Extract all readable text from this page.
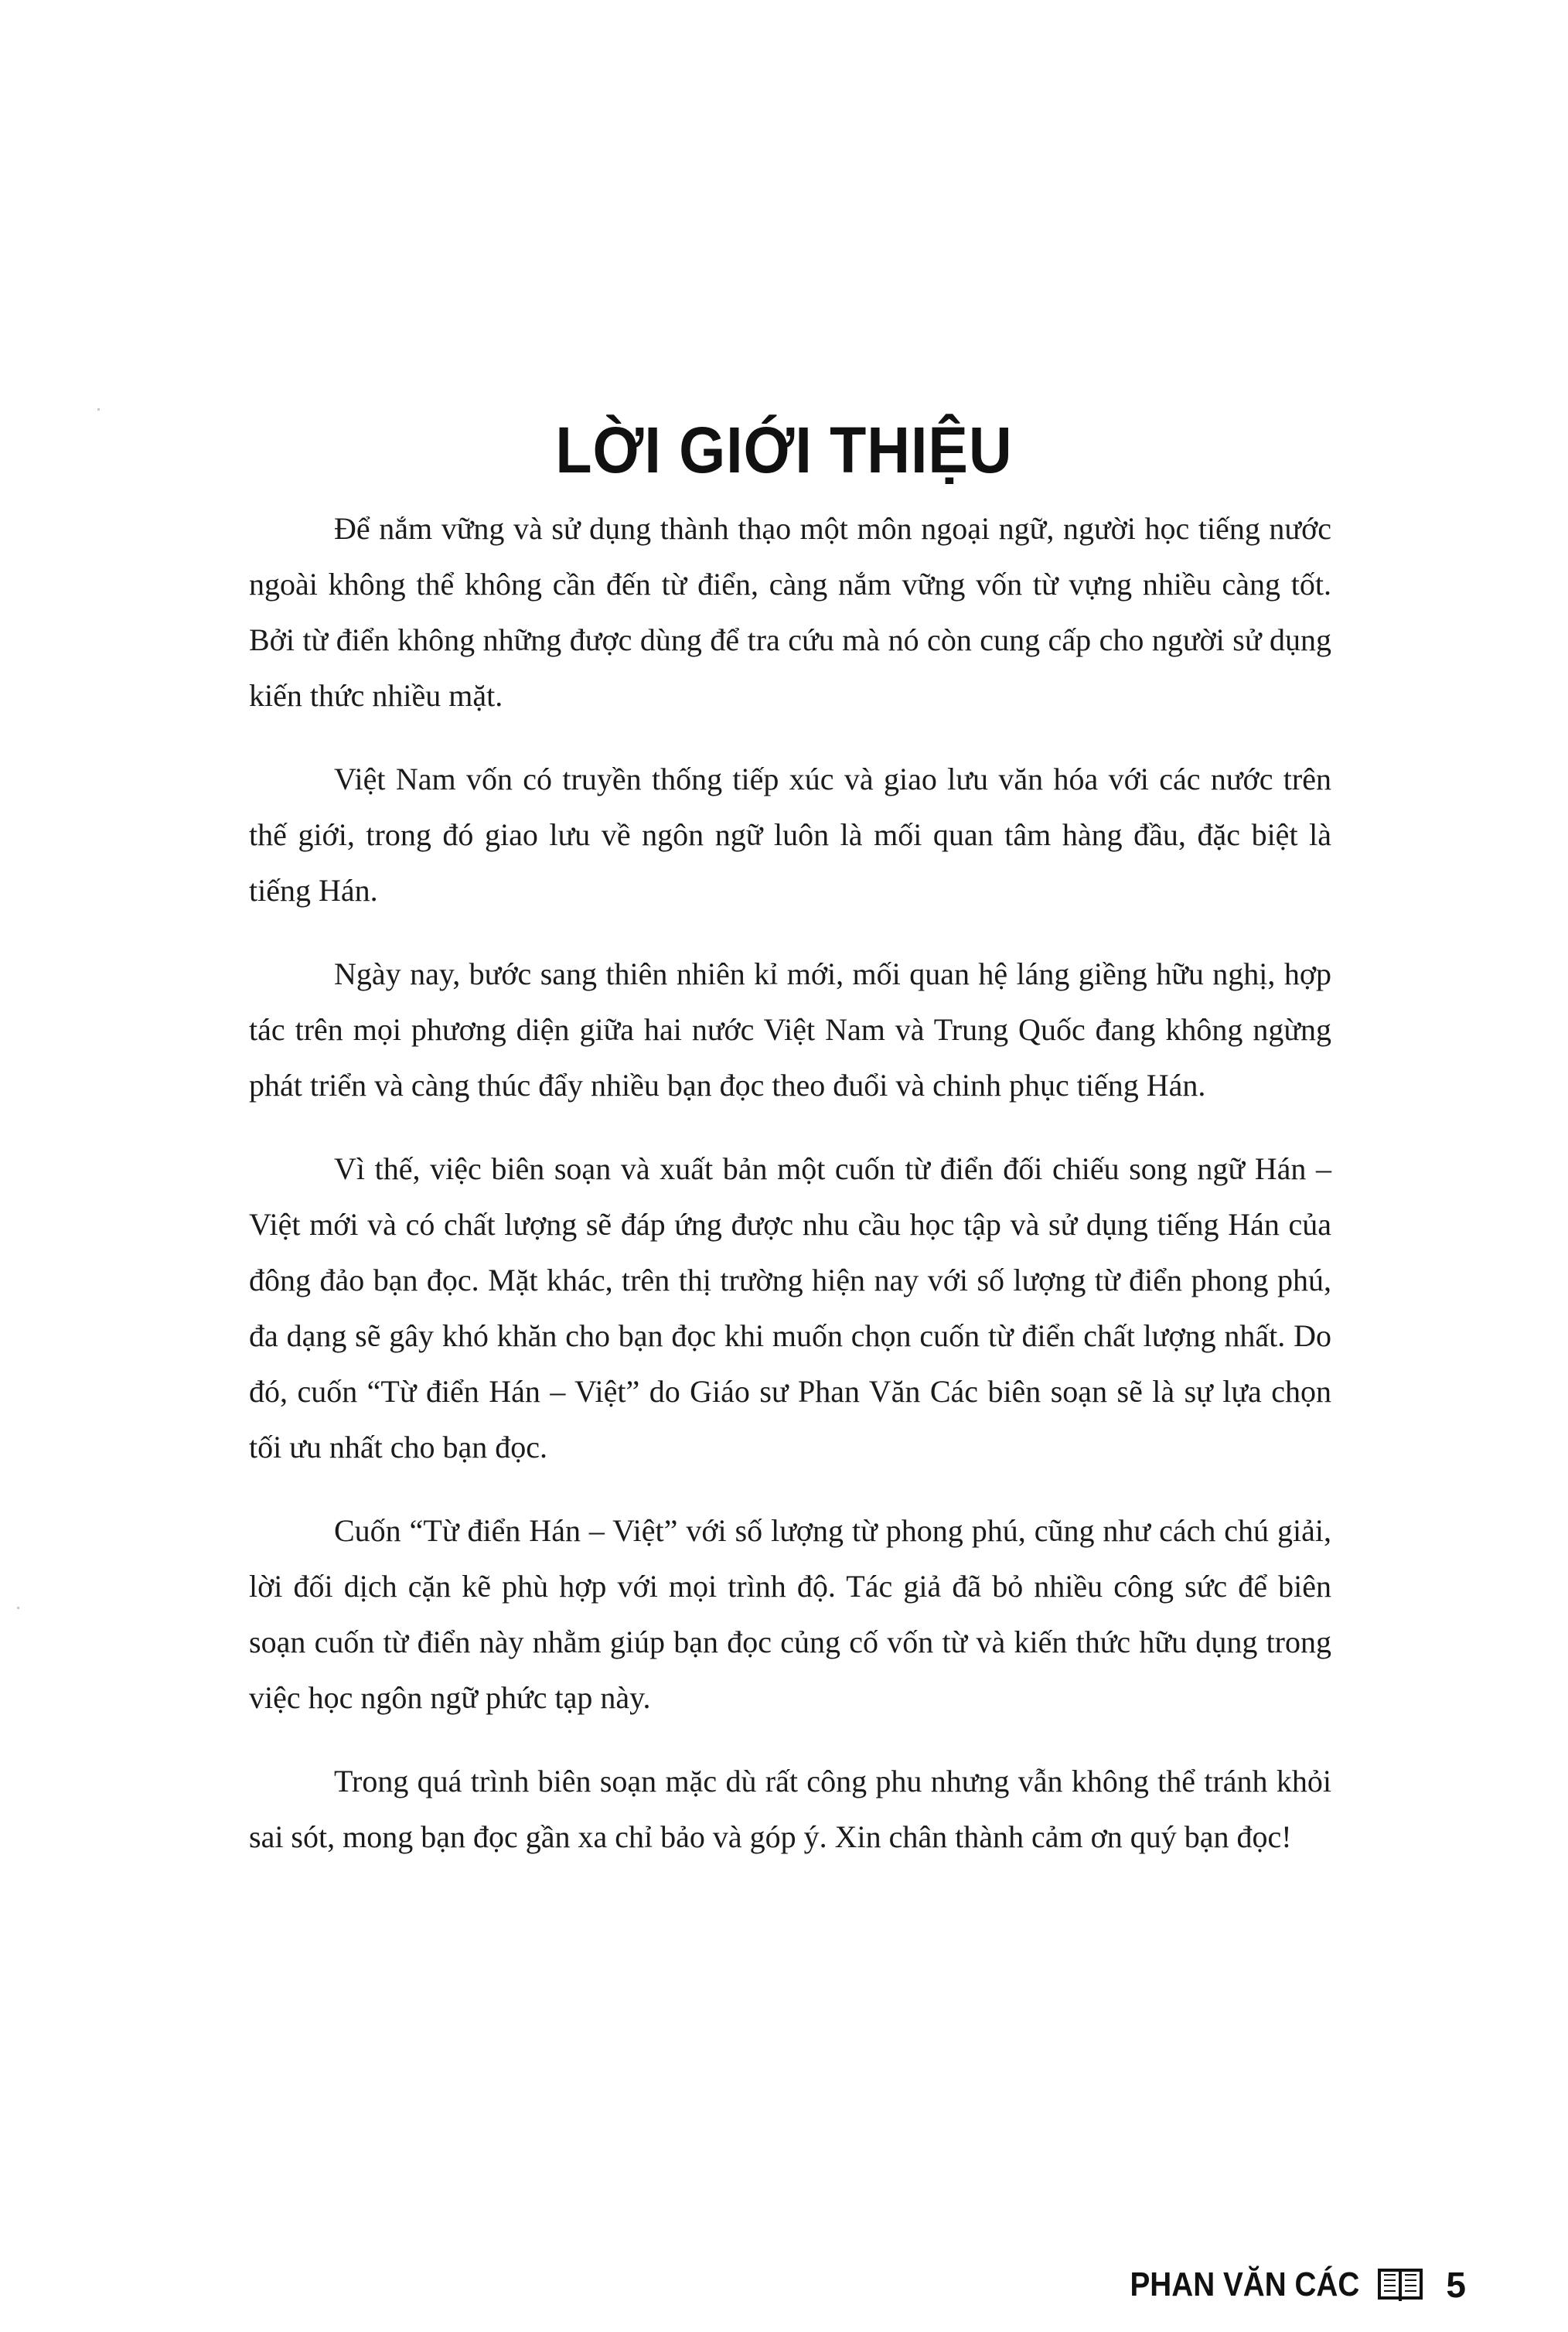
LỜI GIỚI THIỆU

Để nắm vững và sử dụng thành thạo một môn ngoại ngữ, người học tiếng nước ngoài không thể không cần đến từ điển, càng nắm vững vốn từ vựng nhiều càng tốt. Bởi từ điển không những được dùng để tra cứu mà nó còn cung cấp cho người sử dụng kiến thức nhiều mặt.

Việt Nam vốn có truyền thống tiếp xúc và giao lưu văn hóa với các nước trên thế giới, trong đó giao lưu về ngôn ngữ luôn là mối quan tâm hàng đầu, đặc biệt là tiếng Hán.

Ngày nay, bước sang thiên nhiên kỉ mới, mối quan hệ láng giềng hữu nghị, hợp tác trên mọi phương diện giữa hai nước Việt Nam và Trung Quốc đang không ngừng phát triển và càng thúc đẩy nhiều bạn đọc theo đuổi và chinh phục tiếng Hán.

Vì thế, việc biên soạn và xuất bản một cuốn từ điển đối chiếu song ngữ Hán – Việt mới và có chất lượng sẽ đáp ứng được nhu cầu học tập và sử dụng tiếng Hán của đông đảo bạn đọc. Mặt khác, trên thị trường hiện nay với số lượng từ điển phong phú, đa dạng sẽ gây khó khăn cho bạn đọc khi muốn chọn cuốn từ điển chất lượng nhất. Do đó, cuốn “Từ điển Hán – Việt” do Giáo sư Phan Văn Các biên soạn sẽ là sự lựa chọn tối ưu nhất cho bạn đọc.

Cuốn “Từ điển Hán – Việt” với số lượng từ phong phú, cũng như cách chú giải, lời đối dịch cặn kẽ phù hợp với mọi trình độ. Tác giả đã bỏ nhiều công sức để biên soạn cuốn từ điển này nhằm giúp bạn đọc củng cố vốn từ và kiến thức hữu dụng trong việc học ngôn ngữ phức tạp này.

Trong quá trình biên soạn mặc dù rất công phu nhưng vẫn không thể tránh khỏi sai sót, mong bạn đọc gần xa chỉ bảo và góp ý. Xin chân thành cảm ơn quý bạn đọc!

PHAN VĂN CÁC 5
